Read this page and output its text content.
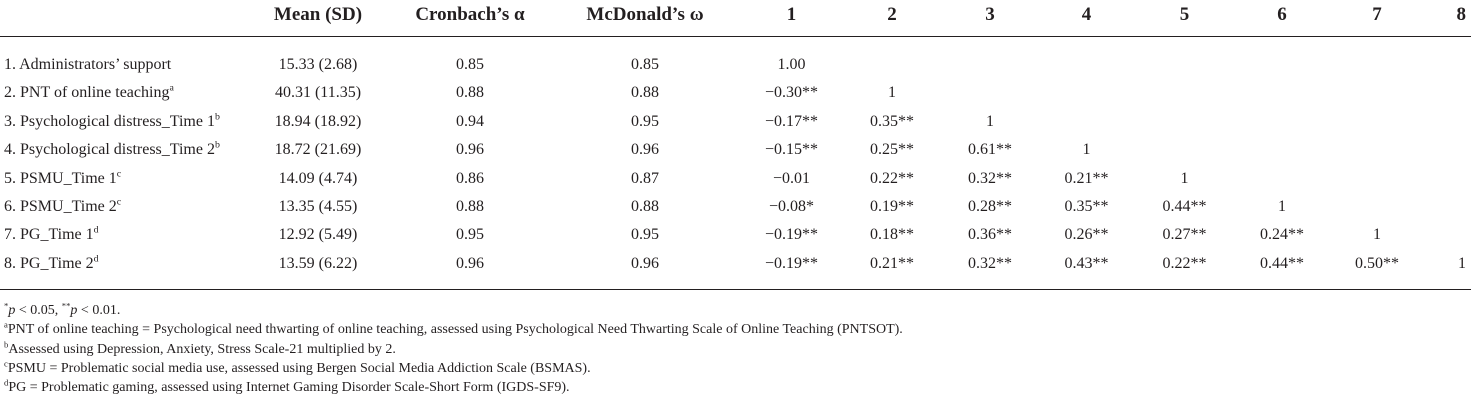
	Mean (SD)	Cronbach’s α	McDonald’s ω	1	2	3	4	5	6	7	8
1. Administrators’ support	15.33 (2.68)	0.85	0.85	1.00							
2. PNT of online teaching$^a$	40.31 (11.35)	0.88	0.88	−0.30**	1						
3. Psychological distress_Time 1$^b$	18.94 (18.92)	0.94	0.95	−0.17**	0.35**	1					
4. Psychological distress_Time 2$^b$	18.72 (21.69)	0.96	0.96	−0.15**	0.25**	0.61**	1				
5. PSMU_Time 1$^c$	14.09 (4.74)	0.86	0.87	−0.01	0.22**	0.32**	0.21**	1			
6. PSMU_Time 2$^c$	13.35 (4.55)	0.88	0.88	−0.08*	0.19**	0.28**	0.35**	0.44**	1		
7. PG_Time 1$^d$	12.92 (5.49)	0.95	0.95	−0.19**	0.18**	0.36**	0.26**	0.27**	0.24**	1	
8. PG_Time 2$^d$	13.59 (6.22)	0.96	0.96	−0.19**	0.21**	0.32**	0.43**	0.22**	0.44**	0.50**	1

*p < 0.05, **p < 0.01.

$^a$PNT of online teaching = Psychological need thwarting of online teaching, assessed using Psychological Need Thwarting Scale of Online Teaching (PNTSOT).

$^b$Assessed using Depression, Anxiety, Stress Scale-21 multiplied by 2.

$^c$PSMU = Problematic social media use, assessed using Bergen Social Media Addiction Scale (BSMAS).

$^d$PG = Problematic gaming, assessed using Internet Gaming Disorder Scale-Short Form (IGDS-SF9).
